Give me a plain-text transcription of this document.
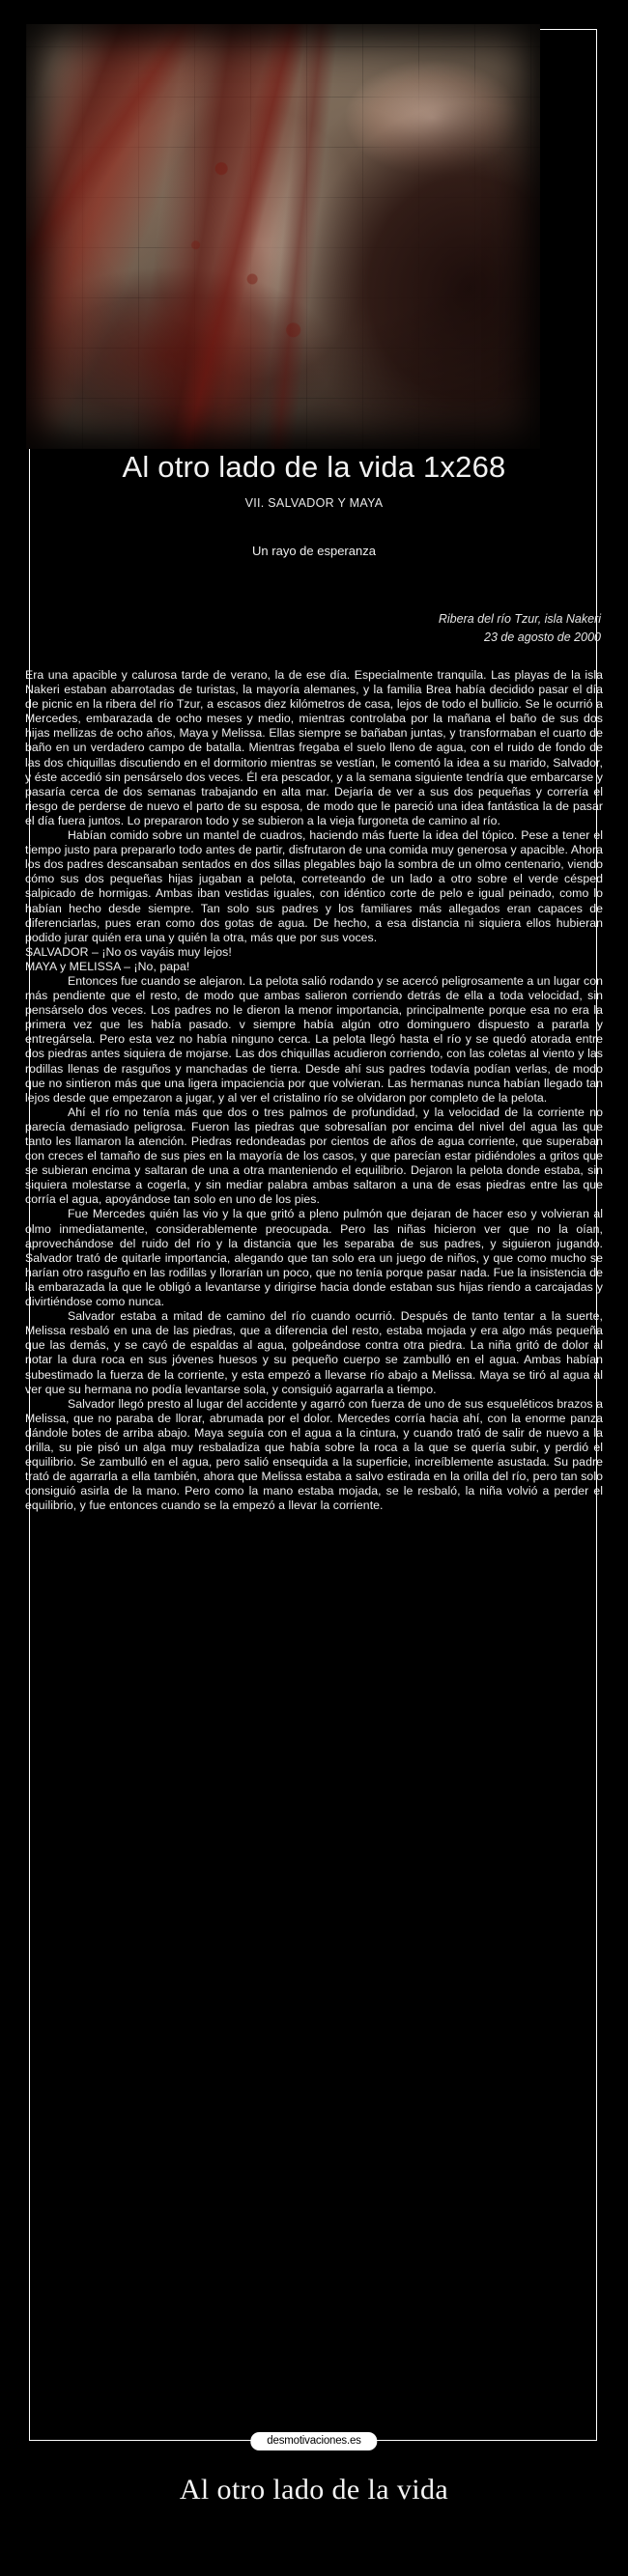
Al otro lado de la vida 1x268
VII. SALVADOR Y MAYA
Un rayo de esperanza
Ribera del río Tzur, isla Nakeri
23 de agosto de 2000

Era una apacible y calurosa tarde de verano, la de ese día. Especialmente tranquila. Las playas de la isla Nakeri estaban abarrotadas de turistas, la mayoría alemanes, y la familia Brea había decidido pasar el día de picnic en la ribera del río Tzur, a escasos diez kilómetros de casa, lejos de todo el bullicio. Se le ocurrió a Mercedes, embarazada de ocho meses y medio, mientras controlaba por la mañana el baño de sus dos hijas mellizas de ocho años, Maya y Melissa. Ellas siempre se bañaban juntas, y transformaban el cuarto de baño en un verdadero campo de batalla. Mientras fregaba el suelo lleno de agua, con el ruido de fondo de las dos chiquillas discutiendo en el dormitorio mientras se vestían, le comentó la idea a su marido, Salvador, y éste accedió sin pensárselo dos veces. Él era pescador, y a la semana siguiente tendría que embarcarse y pasaría cerca de dos semanas trabajando en alta mar. Dejaría de ver a sus dos pequeñas y correría el riesgo de perderse de nuevo el parto de su esposa, de modo que le pareció una idea fantástica la de pasar el día fuera juntos. Lo prepararon todo y se subieron a la vieja furgoneta de camino al río.

Habían comido sobre un mantel de cuadros, haciendo más fuerte la idea del tópico. Pese a tener el tiempo justo para prepararlo todo antes de partir, disfrutaron de una comida muy generosa y apacible. Ahora los dos padres descansaban sentados en dos sillas plegables bajo la sombra de un olmo centenario, viendo cómo sus dos pequeñas hijas jugaban a pelota, correteando de un lado a otro sobre el verde césped salpicado de hormigas. Ambas iban vestidas iguales, con idéntico corte de pelo e igual peinado, como lo habían hecho desde siempre. Tan solo sus padres y los familiares más allegados eran capaces de diferenciarlas, pues eran como dos gotas de agua. De hecho, a esa distancia ni siquiera ellos hubieran podido jurar quién era una y quién la otra, más que por sus voces.

SALVADOR – ¡No os vayáis muy lejos!

MAYA y MELISSA – ¡No, papa!

Entonces fue cuando se alejaron. La pelota salió rodando y se acercó peligrosamente a un lugar con más pendiente que el resto, de modo que ambas salieron corriendo detrás de ella a toda velocidad, sin pensárselo dos veces. Los padres no le dieron la menor importancia, principalmente porque esa no era la primera vez que les había pasado. v siempre había algún otro dominguero dispuesto a pararla y entregársela. Pero esta vez no había ninguno cerca. La pelota llegó hasta el río y se quedó atorada entre dos piedras antes siquiera de mojarse. Las dos chiquillas acudieron corriendo, con las coletas al viento y las rodillas llenas de rasguños y manchadas de tierra. Desde ahí sus padres todavía podían verlas, de modo que no sintieron más que una ligera impaciencia por que volvieran. Las hermanas nunca habían llegado tan lejos desde que empezaron a jugar, y al ver el cristalino río se olvidaron por completo de la pelota.

Ahí el río no tenía más que dos o tres palmos de profundidad, y la velocidad de la corriente no parecía demasiado peligrosa. Fueron las piedras que sobresalían por encima del nivel del agua las que tanto les llamaron la atención. Piedras redondeadas por cientos de años de agua corriente, que superaban con creces el tamaño de sus pies en la mayoría de los casos, y que parecían estar pidiéndoles a gritos que se subieran encima y saltaran de una a otra manteniendo el equilibrio. Dejaron la pelota donde estaba, sin siquiera molestarse a cogerla, y sin mediar palabra ambas saltaron a una de esas piedras entre las que corría el agua, apoyándose tan solo en uno de los pies.

Fue Mercedes quién las vio y la que gritó a pleno pulmón que dejaran de hacer eso y volvieran al olmo inmediatamente, considerablemente preocupada. Pero las niñas hicieron ver que no la oían, aprovechándose del ruido del río y la distancia que les separaba de sus padres, y siguieron jugando. Salvador trató de quitarle importancia, alegando que tan solo era un juego de niños, y que como mucho se harían otro rasguño en las rodillas y llorarían un poco, que no tenía porque pasar nada. Fue la insistencia de la embarazada la que le obligó a levantarse y dirigirse hacia donde estaban sus hijas riendo a carcajadas y divirtiéndose como nunca.

Salvador estaba a mitad de camino del río cuando ocurrió. Después de tanto tentar a la suerte, Melissa resbaló en una de las piedras, que a diferencia del resto, estaba mojada y era algo más pequeña que las demás, y se cayó de espaldas al agua, golpeándose contra otra piedra. La niña gritó de dolor al notar la dura roca en sus jóvenes huesos y su pequeño cuerpo se zambulló en el agua. Ambas habían subestimado la fuerza de la corriente, y esta empezó a llevarse río abajo a Melissa. Maya se tiró al agua al ver que su hermana no podía levantarse sola, y consiguió agarrarla a tiempo.

Salvador llegó presto al lugar del accidente y agarró con fuerza de uno de sus esqueléticos brazos a Melissa, que no paraba de llorar, abrumada por el dolor. Mercedes corría hacia ahí, con la enorme panza dándole botes de arriba abajo. Maya seguía con el agua a la cintura, y cuando trató de salir de nuevo a la orilla, su pie pisó un alga muy resbaladiza que había sobre la roca a la que se quería subir, y perdió el equilibrio. Se zambulló en el agua, pero salió ensequida a la superficie, increíblemente asustada. Su padre trató de agarrarla a ella también, ahora que Melissa estaba a salvo estirada en la orilla del río, pero tan solo consiguió asirla de la mano. Pero como la mano estaba mojada, se le resbaló, la niña volvió a perder el equilibrio, y fue entonces cuando se la empezó a llevar la corriente.

desmotivaciones.es
Al otro lado de la vida
